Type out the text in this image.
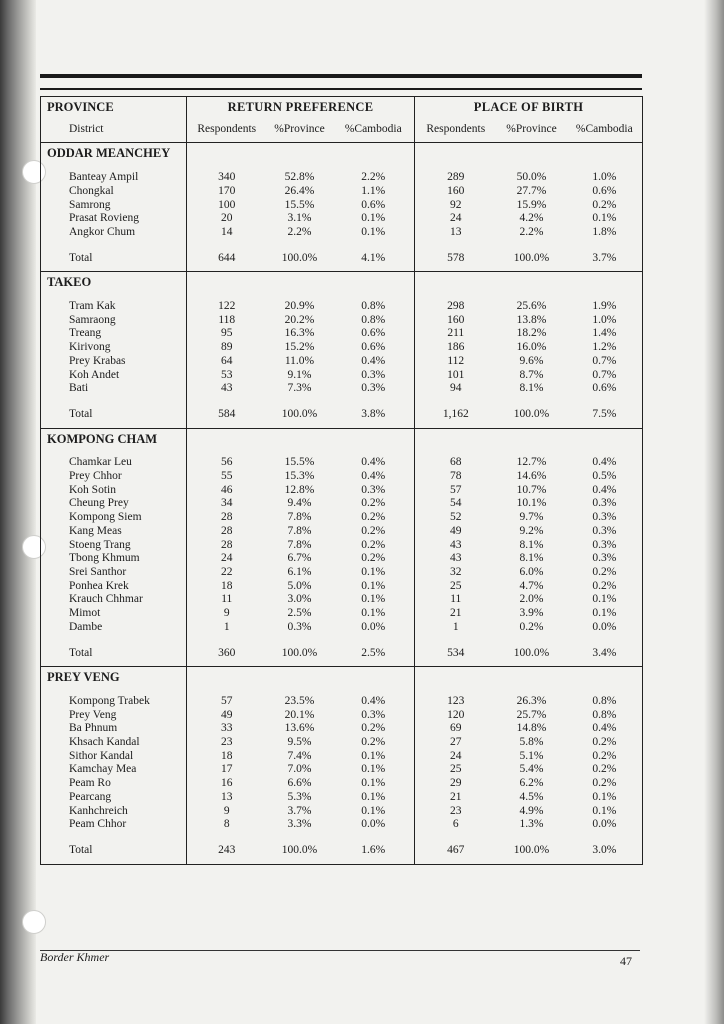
PROVINCE	RETURN PREFERENCE			PLACE OF BIRTH		
District	Respondents	%Province	%Cambodia	Respondents	%Province	%Cambodia
ODDAR MEANCHEY						
Banteay Ampil	340	52.8%	2.2%	289	50.0%	1.0%
Chongkal	170	26.4%	1.1%	160	27.7%	0.6%
Samrong	100	15.5%	0.6%	92	15.9%	0.2%
Prasat Rovieng	20	3.1%	0.1%	24	4.2%	0.1%
Angkor Chum	14	2.2%	0.1%	13	2.2%	1.8%
Total	644	100.0%	4.1%	578	100.0%	3.7%
TAKEO						
Tram Kak	122	20.9%	0.8%	298	25.6%	1.9%
Samraong	118	20.2%	0.8%	160	13.8%	1.0%
Treang	95	16.3%	0.6%	211	18.2%	1.4%
Kirivong	89	15.2%	0.6%	186	16.0%	1.2%
Prey Krabas	64	11.0%	0.4%	112	9.6%	0.7%
Koh Andet	53	9.1%	0.3%	101	8.7%	0.7%
Bati	43	7.3%	0.3%	94	8.1%	0.6%
Total	584	100.0%	3.8%	1,162	100.0%	7.5%
KOMPONG CHAM						
Chamkar Leu	56	15.5%	0.4%	68	12.7%	0.4%
Prey Chhor	55	15.3%	0.4%	78	14.6%	0.5%
Koh Sotin	46	12.8%	0.3%	57	10.7%	0.4%
Cheung Prey	34	9.4%	0.2%	54	10.1%	0.3%
Kompong Siem	28	7.8%	0.2%	52	9.7%	0.3%
Kang Meas	28	7.8%	0.2%	49	9.2%	0.3%
Stoeng Trang	28	7.8%	0.2%	43	8.1%	0.3%
Tbong Khmum	24	6.7%	0.2%	43	8.1%	0.3%
Srei Santhor	22	6.1%	0.1%	32	6.0%	0.2%
Ponhea Krek	18	5.0%	0.1%	25	4.7%	0.2%
Krauch Chhmar	11	3.0%	0.1%	11	2.0%	0.1%
Mimot	9	2.5%	0.1%	21	3.9%	0.1%
Dambe	1	0.3%	0.0%	1	0.2%	0.0%
Total	360	100.0%	2.5%	534	100.0%	3.4%
PREY VENG						
Kompong Trabek	57	23.5%	0.4%	123	26.3%	0.8%
Prey Veng	49	20.1%	0.3%	120	25.7%	0.8%
Ba Phnum	33	13.6%	0.2%	69	14.8%	0.4%
Khsach Kandal	23	9.5%	0.2%	27	5.8%	0.2%
Sithor Kandal	18	7.4%	0.1%	24	5.1%	0.2%
Kamchay Mea	17	7.0%	0.1%	25	5.4%	0.2%
Peam Ro	16	6.6%	0.1%	29	6.2%	0.2%
Pearcang	13	5.3%	0.1%	21	4.5%	0.1%
Kanhchreich	9	3.7%	0.1%	23	4.9%	0.1%
Peam Chhor	8	3.3%	0.0%	6	1.3%	0.0%
Total	243	100.0%	1.6%	467	100.0%	3.0%
Border Khmer	47
